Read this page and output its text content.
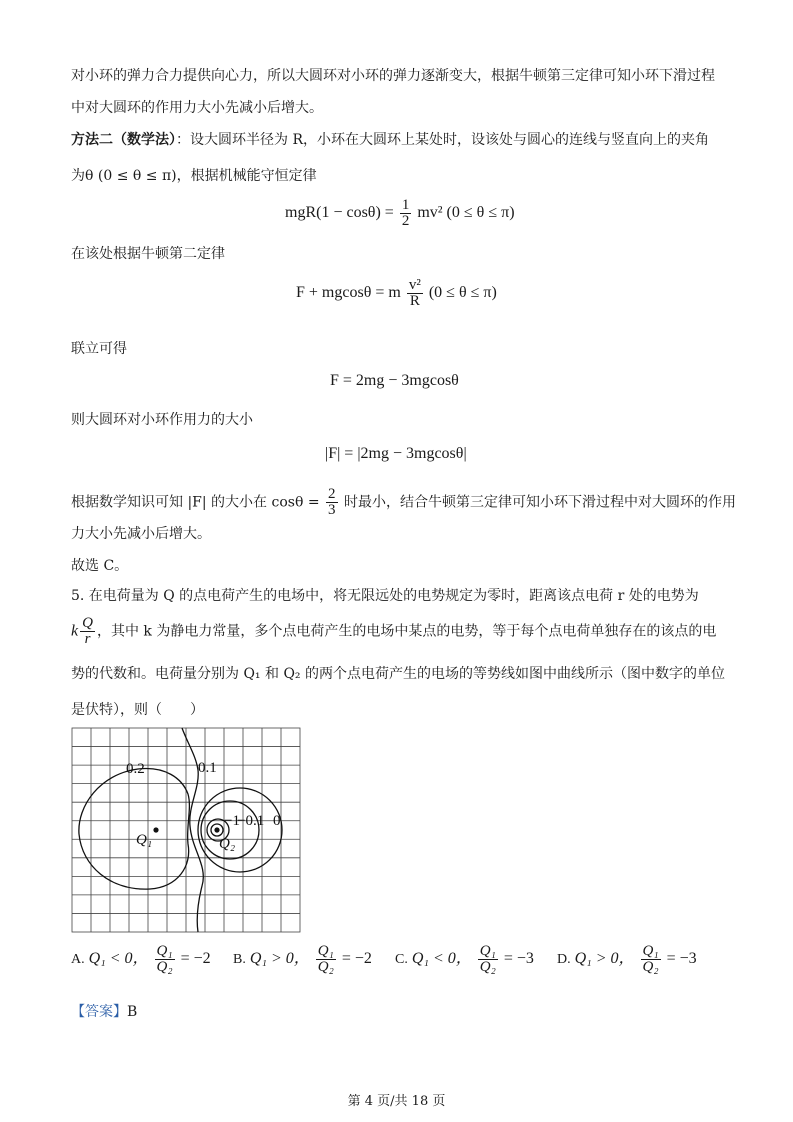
对小环的弹力合力提供向心力，所以大圆环对小环的弹力逐渐变大，根据牛顿第三定律可知小环下滑过程
中对大圆环的作用力大小先减小后增大。
方法二（数学法）：设大圆环半径为 R，小环在大圆环上某处时，设该处与圆心的连线与竖直向上的夹角
为θ (0 ≤ θ ≤ π)，根据机械能守恒定律
$mgR(1 - \cos\theta) = \frac{1}{2} mv^2$ (0 ≤ θ ≤ π)
在该处根据牛顿第二定律
F + mgcosθ = m $\frac{\text{v²}}{R} (0 \le \theta \le \pi)$
联立可得
F = 2mg − 3mgcosθ
则大圆环对小环作用力的大小
|F| = |2mg − 3mgcosθ|
根据数学知识可知 |F| 的大小在 $\cos\theta = \frac{2}{3}$ 时最小，结合牛顿第三定律可知小环下滑过程中对大圆环的作用
力大小先减小后增大。
故选 C。
5. 在电荷量为 Q 的点电荷产生的电场中，将无限远处的电势规定为零时，距离该点电荷 r 处的电势为
k $\frac{Q}{r}$ ，其中 k 为静电力常量，多个点电荷产生的电场中某点的电势，等于每个点电荷单独存在的该点的电
势的代数和。电荷量分别为 Q₁ 和 Q₂ 的两个点电荷产生的电场的等势线如图中曲线所示（图中数字的单位
是伏特），则（　　）
0.2	0.1
−1
−0.1 0
Q₁	Q₂
A. Q₁ < 0， $\frac{\text{Q₁}}{\text{Q₂}} = -2$ B. Q₁ > 0， $\frac{\text{Q₁}}{\text{Q₂}} = -2$ C. Q₁ < 0， $\frac{\text{Q₁}}{\text{Q₂}} = -3$ D. Q₁ > 0， $\frac{\text{Q₁}}{\text{Q₂}} = -3$
【答案】B
第 4 页/共 18 页
